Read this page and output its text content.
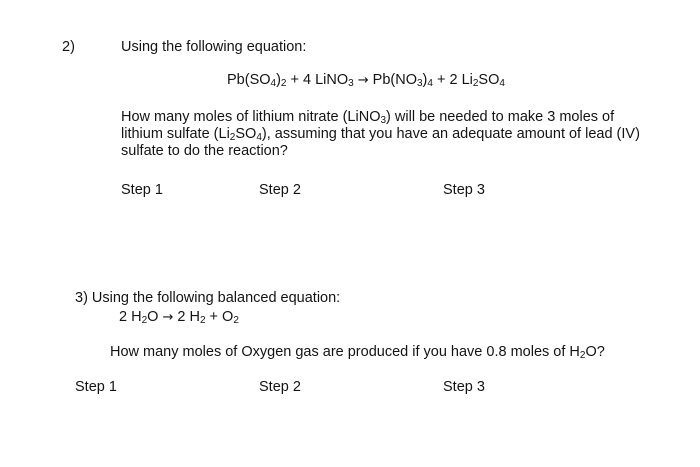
2)	Using the following equation:
$Pb(SO_4)_2 + 4$ LiNO$_3$ → $Pb(NO_3)_4 + 2$ $Li_2SO_4$
How many moles of lithium nitrate (LiNO$_3$) will be needed to make 3 moles of
lithium sulfate $(Li_2SO_4)$, assuming that you have an adequate amount of lead (IV)
sulfate to do the reaction?
Step 1	Step 2	Step 3
3) Using the following balanced equation:
2 $H_2O \to 2$ $H_2 + O_2$
How many moles of Oxygen gas are produced if you have 0.8 moles of $H_2O$?
Step 1	Step 2	Step 3
